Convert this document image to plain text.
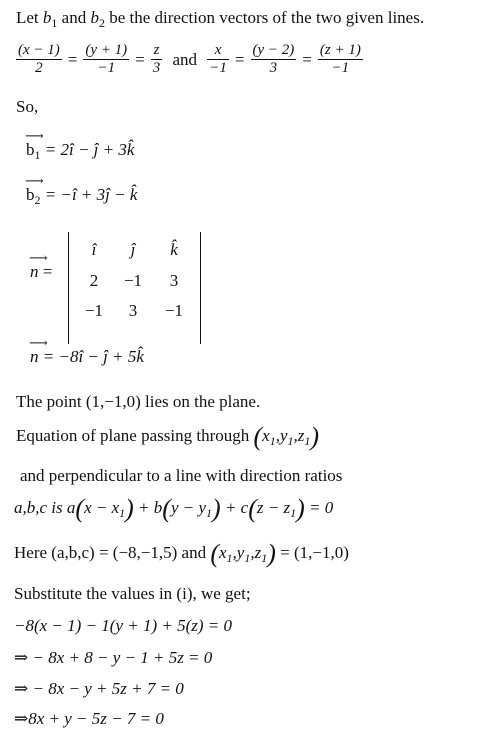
Let $b_1$ and $b_2$ be the direction vectors of the two given lines.
$\frac{(x - 1)}{2} = \frac{(y + 1)}{-1} = \frac{z}{3}$ and $\frac{x}{-1} = \frac{(y - 2)}{3} = \frac{(z + 1)}{-1}$
So,
⟶
$b_1$ = 2î − ĵ + 3k̂
⟶
$b_2$ = −î + 3ĵ − k̂
⟶
n =
î	ĵ	k̂
2	−1	3
−1	3	−1
⟶
n = −8î − ĵ + 5k̂
The point (1,−1,0) lies on the plane.
Equation of plane passing through $(x_1,y_1,z_1)$
and perpendicular to a line with direction ratios
a,b,c is $a(x - x_1) + b(y - y_1) + c(z - z_1) = 0$
Here (a,b,c) = (−8,−1,5) and $(x_1,y_1,z_1) = (1,-1,0)$
Substitute the values in (i), we get;
−8(x − 1) − 1(y + 1) + 5(z) = 0
⇒ − 8x + 8 − y − 1 + 5z = 0
⇒ − 8x − y + 5z + 7 = 0
⇒8x + y − 5z − 7 = 0
